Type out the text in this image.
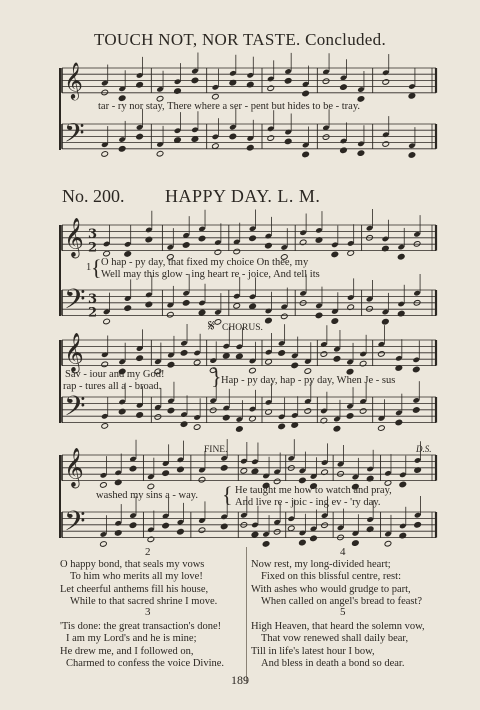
TOUCH NOT, NOR TASTE. Concluded.
No. 200. HAPPY DAY. L. M.
𝄞
𝄢
𝄞
𝄢
𝄞
𝄢
𝄞
𝄢
3
2
3
2
tar - ry nor stay, There where a ser - pent but hides to be - tray.
1 { O hap - py day, that fixed my choice On thee, my
Well may this glow - ing heart re - joice, And tell its
𝄋 CHORUS.
Sav - iour and my God!
rap - tures all a - broad. } Hap - py day, hap - py day, When Je - sus
FINE.	D.S.
washed my sins a - way. { He taught me how to watch and pray,
And live re - joic - ing ev - 'ry day.
2
O happy bond, that seals my vows
To him who merits all my love!
Let cheerful anthems fill his house,
While to that sacred shrine I move.
3
'Tis done: the great transaction's done!
I am my Lord's and he is mine;
He drew me, and I followed on,
Charmed to confess the voice Divine.
4
Now rest, my long-divided heart;
Fixed on this blissful centre, rest:
With ashes who would grudge to part,
When called on angel's bread to feast?
5
High Heaven, that heard the solemn vow,
That vow renewed shall daily bear,
Till in life's latest hour I bow,
And bless in death a bond so dear.
189
